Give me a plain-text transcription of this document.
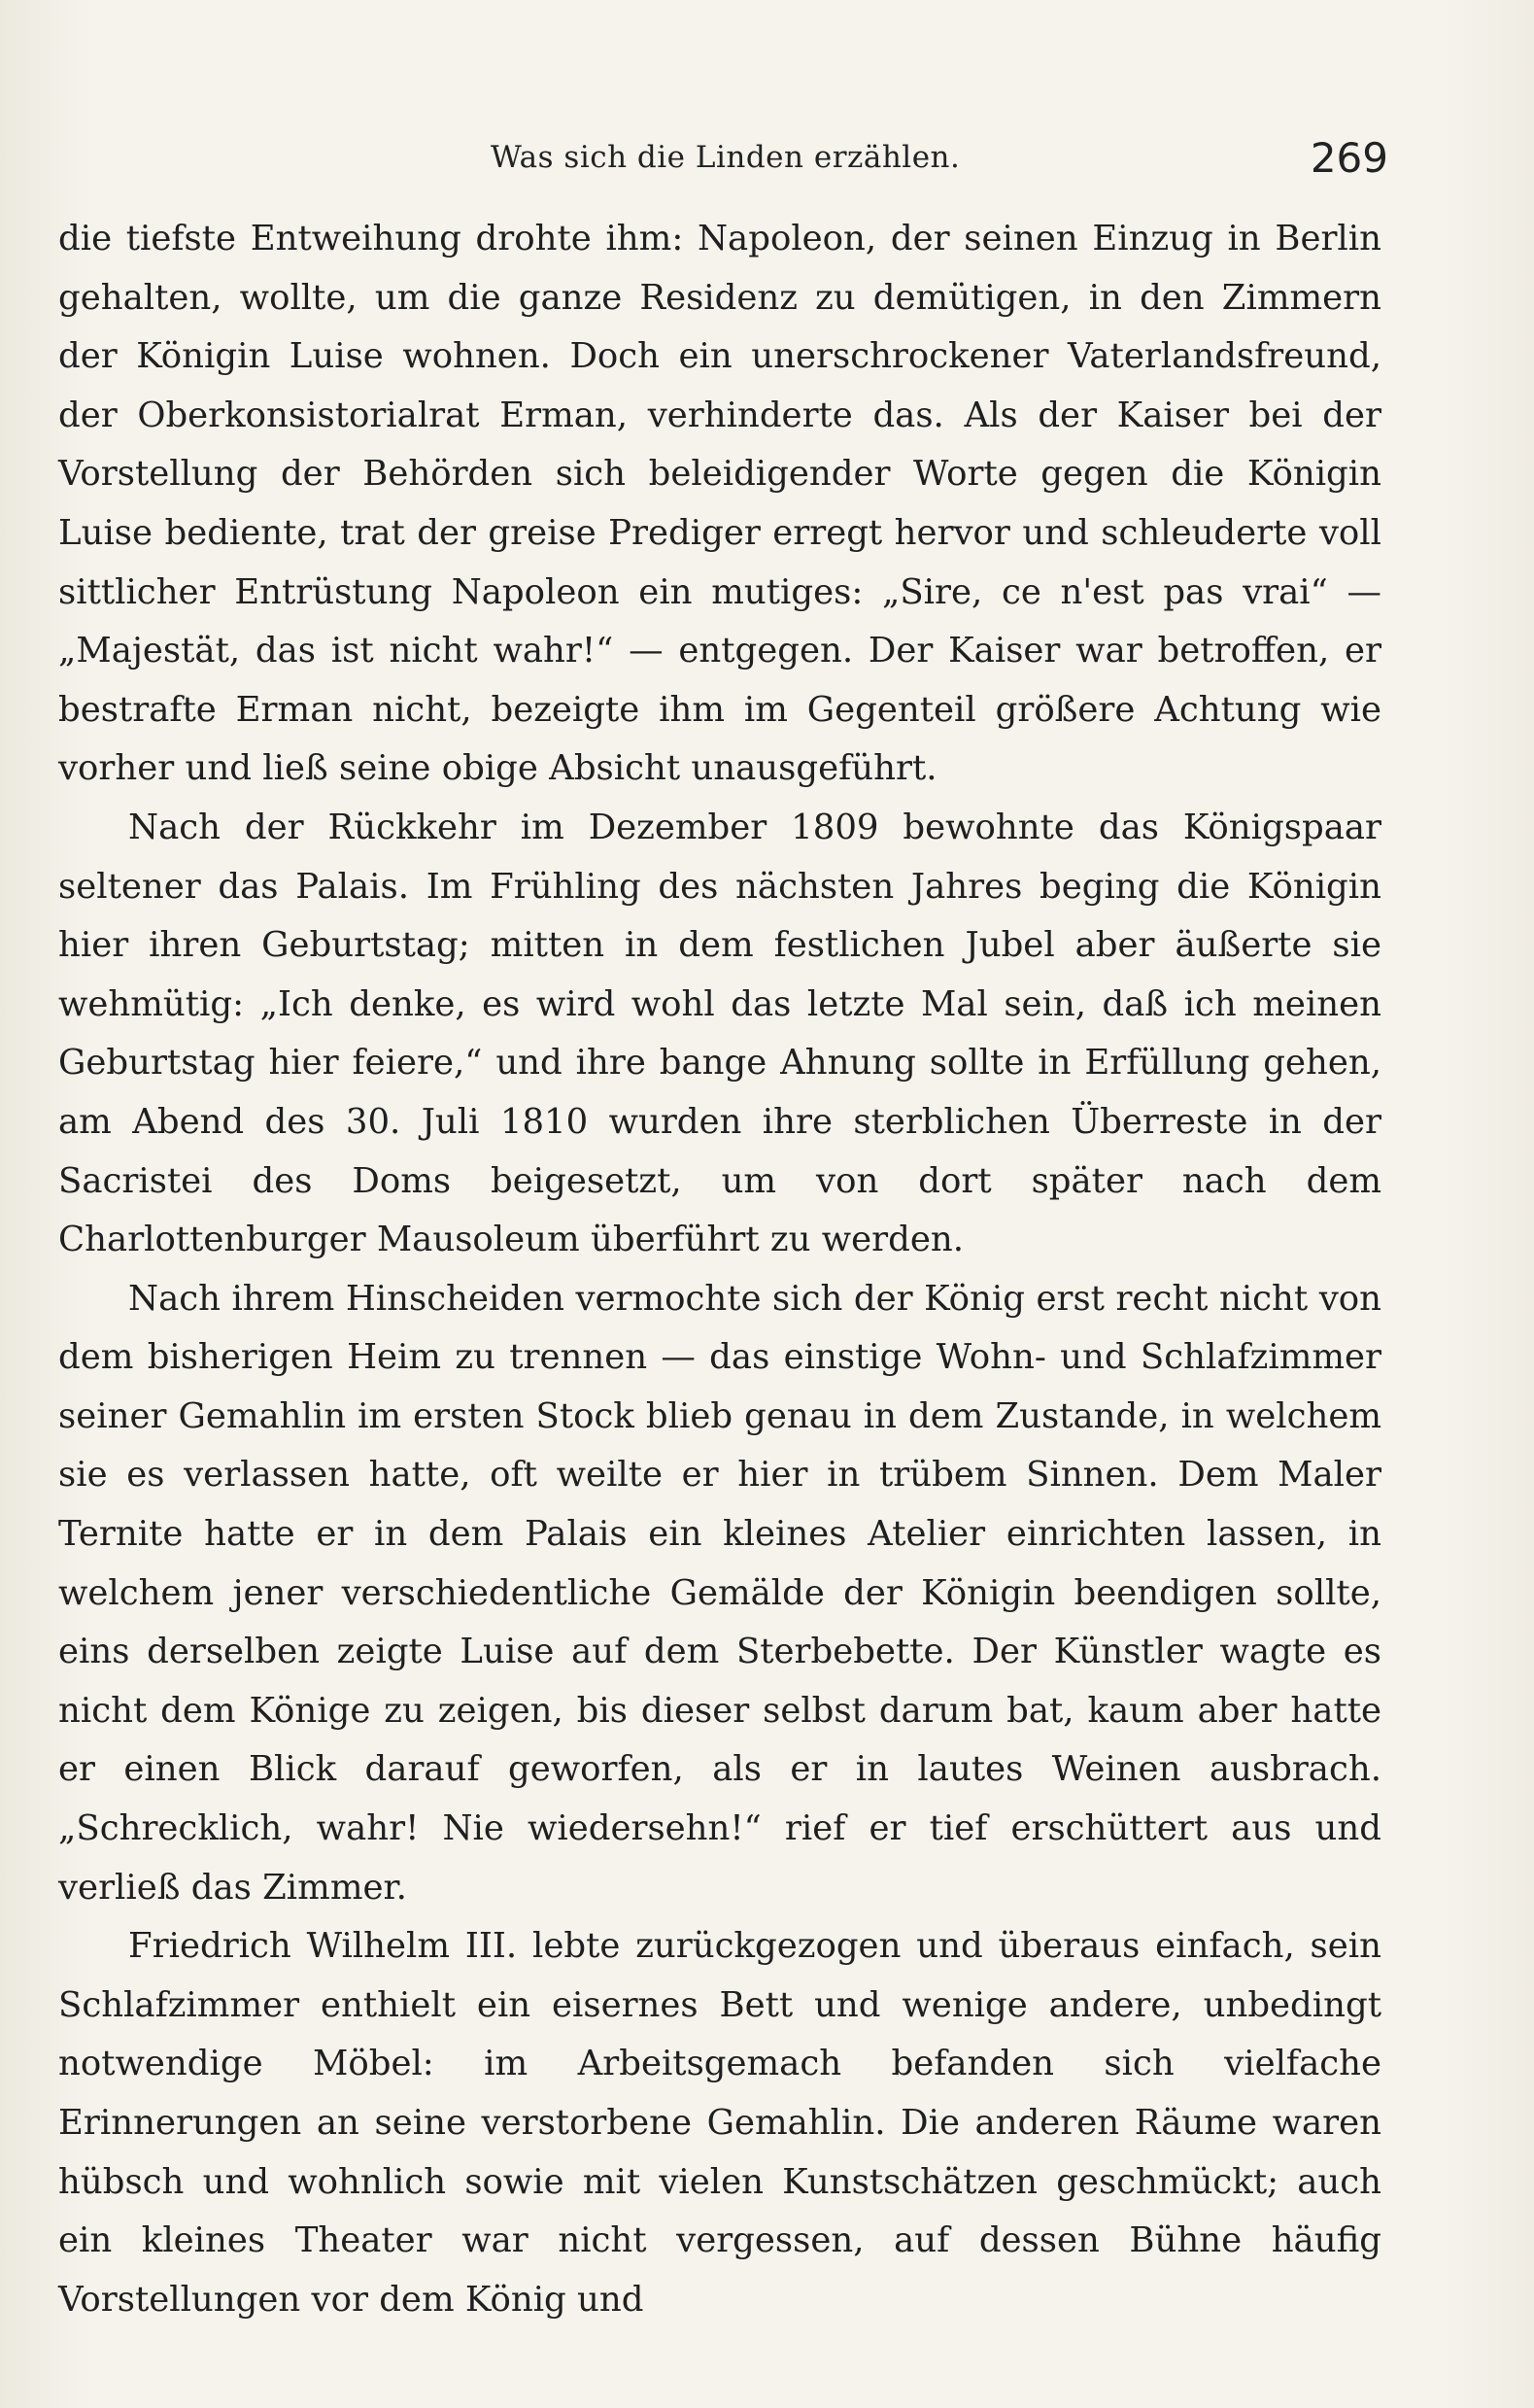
Was sich die Linden erzählen.	269

die tiefste Entweihung drohte ihm: Napoleon, der seinen Einzug in Berlin gehalten, wollte, um die ganze Residenz zu demütigen, in den Zimmern der Königin Luise wohnen. Doch ein unerschrockener Vaterlandsfreund, der Oberkonsistorialrat Erman, verhinderte das. Als der Kaiser bei der Vorstellung der Behörden sich beleidigender Worte gegen die Königin Luise bediente, trat der greise Prediger erregt hervor und schleuderte voll sittlicher Entrüstung Napoleon ein mutiges: „Sire, ce n'est pas vrai“ — „Majestät, das ist nicht wahr!“ — entgegen. Der Kaiser war betroffen, er bestrafte Erman nicht, bezeigte ihm im Gegenteil größere Achtung wie vorher und ließ seine obige Absicht unausgeführt.

Nach der Rückkehr im Dezember 1809 bewohnte das Königspaar seltener das Palais. Im Frühling des nächsten Jahres beging die Königin hier ihren Geburtstag; mitten in dem festlichen Jubel aber äußerte sie wehmütig: „Ich denke, es wird wohl das letzte Mal sein, daß ich meinen Geburtstag hier feiere,“ und ihre bange Ahnung sollte in Erfüllung gehen, am Abend des 30. Juli 1810 wurden ihre sterblichen Überreste in der Sacristei des Doms beigesetzt, um von dort später nach dem Charlottenburger Mausoleum überführt zu werden.

Nach ihrem Hinscheiden vermochte sich der König erst recht nicht von dem bisherigen Heim zu trennen — das einstige Wohn- und Schlafzimmer seiner Gemahlin im ersten Stock blieb genau in dem Zustande, in welchem sie es verlassen hatte, oft weilte er hier in trübem Sinnen. Dem Maler Ternite hatte er in dem Palais ein kleines Atelier einrichten lassen, in welchem jener verschiedentliche Gemälde der Königin beendigen sollte, eins derselben zeigte Luise auf dem Sterbebette. Der Künstler wagte es nicht dem Könige zu zeigen, bis dieser selbst darum bat, kaum aber hatte er einen Blick darauf geworfen, als er in lautes Weinen ausbrach. „Schrecklich, wahr! Nie wiedersehn!“ rief er tief erschüttert aus und verließ das Zimmer.

Friedrich Wilhelm III. lebte zurückgezogen und überaus einfach, sein Schlafzimmer enthielt ein eisernes Bett und wenige andere, unbedingt notwendige Möbel: im Arbeitsgemach befanden sich vielfache Erinnerungen an seine verstorbene Gemahlin. Die anderen Räume waren hübsch und wohnlich sowie mit vielen Kunstschätzen geschmückt; auch ein kleines Theater war nicht vergessen, auf dessen Bühne häufig Vorstellungen vor dem König und
